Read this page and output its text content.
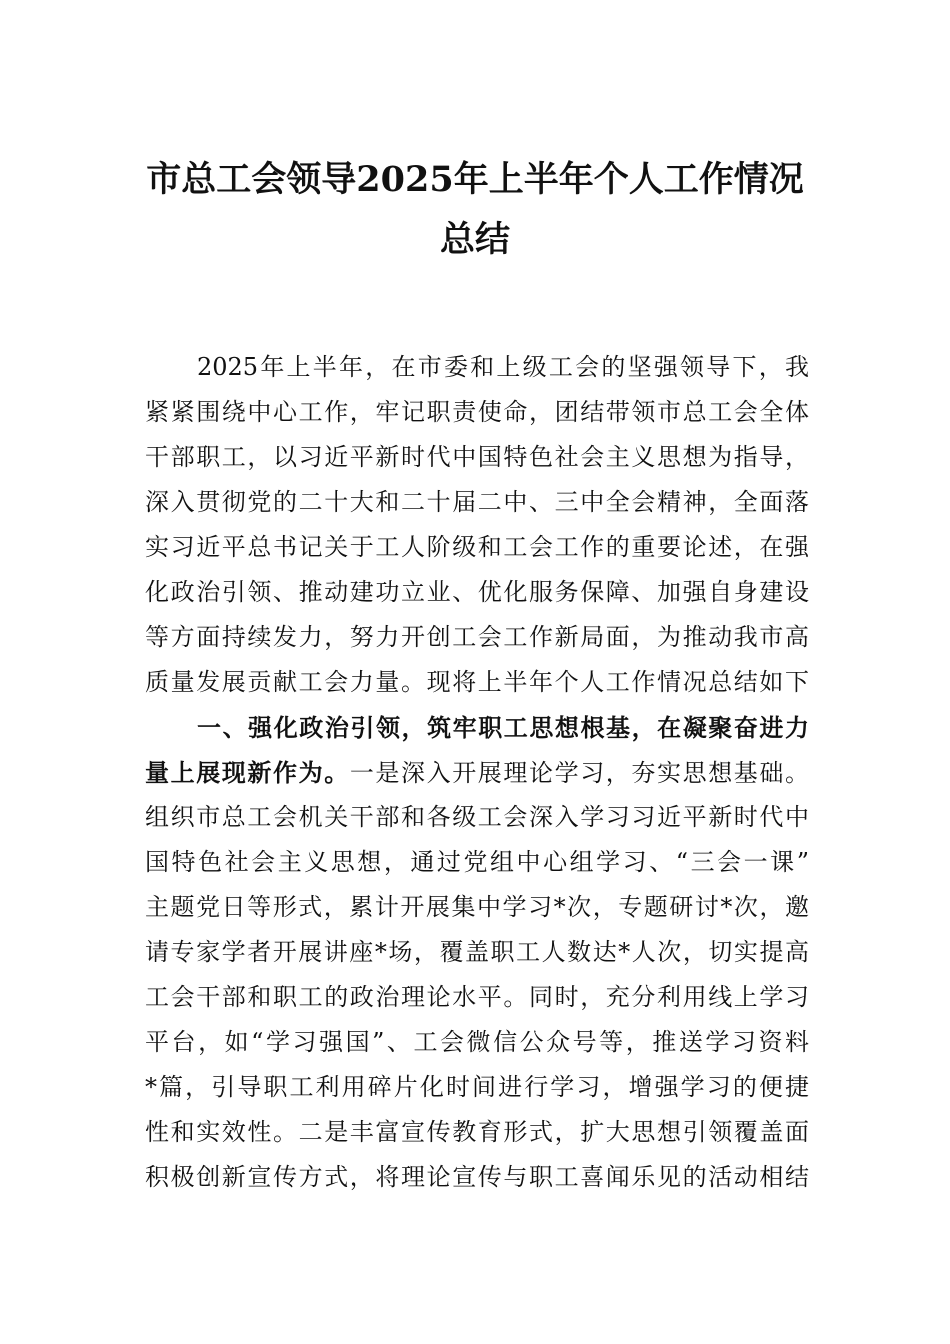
市总工会领导2025年上半年个人工作情况
总结
2025年上半年，在市委和上级工会的坚强领导下，我
紧紧围绕中心工作，牢记职责使命，团结带领市总工会全体
干部职工，以习近平新时代中国特色社会主义思想为指导，
深入贯彻党的二十大和二十届二中、三中全会精神，全面落
实习近平总书记关于工人阶级和工会工作的重要论述，在强
化政治引领、推动建功立业、优化服务保障、加强自身建设
等方面持续发力，努力开创工会工作新局面，为推动我市高
质量发展贡献工会力量。现将上半年个人工作情况总结如下
一、强化政治引领，筑牢职工思想根基，在凝聚奋进力
量上展现新作为。一是深入开展理论学习，夯实思想基础。
组织市总工会机关干部和各级工会深入学习习近平新时代中
国特色社会主义思想，通过党组中心组学习、“三会一课”
主题党日等形式，累计开展集中学习*次，专题研讨*次，邀
请专家学者开展讲座*场，覆盖职工人数达*人次，切实提高
工会干部和职工的政治理论水平。同时，充分利用线上学习
平台，如“学习强国”、工会微信公众号等，推送学习资料
*篇，引导职工利用碎片化时间进行学习，增强学习的便捷
性和实效性。二是丰富宣传教育形式，扩大思想引领覆盖面
积极创新宣传方式，将理论宣传与职工喜闻乐见的活动相结
